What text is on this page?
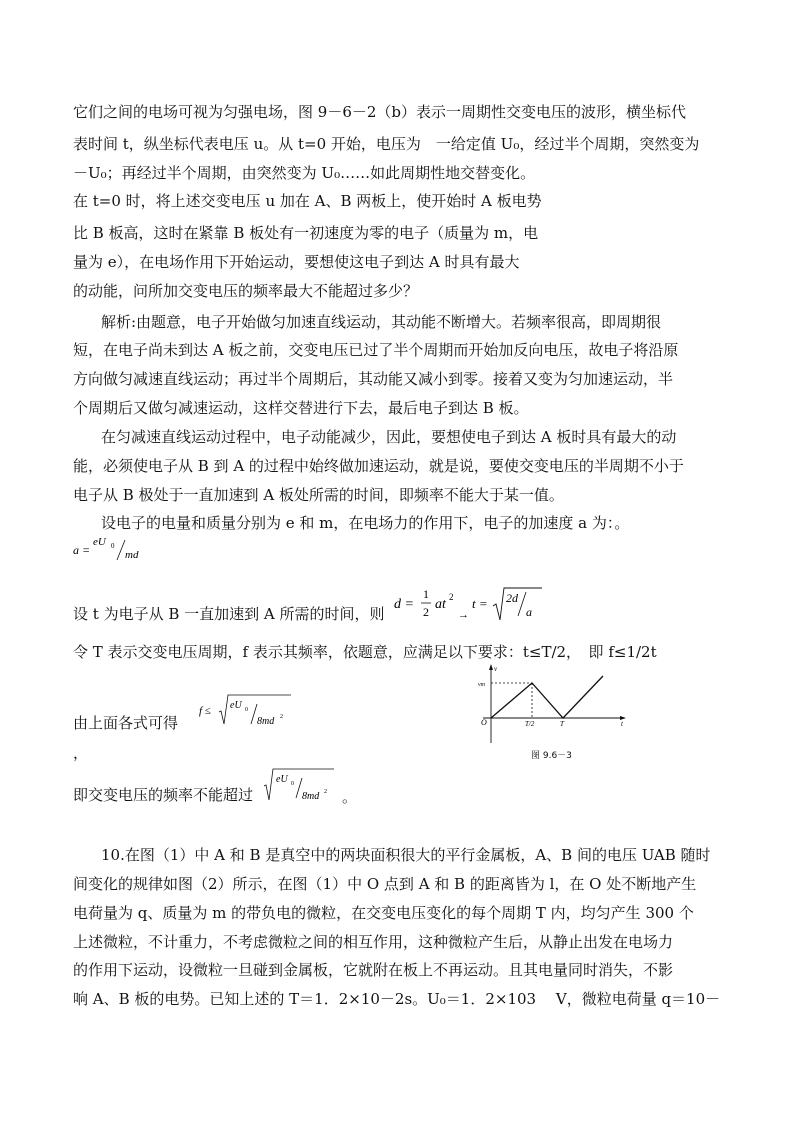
它们之间的电场可视为匀强电场，图 9－6－2（b）表示一周期性交变电压的波形，横坐标代
表时间 t，纵坐标代表电压 u。从 t=0 开始，电压为　一给定值 U₀，经过半个周期，突然变为
－U₀；再经过半个周期，由突然变为 U₀……如此周期性地交替变化。
在 t=0 时，将上述交变电压 u 加在 A、B 两板上，使开始时 A 板电势
比 B 板高，这时在紧靠 B 板处有一初速度为零的电子（质量为 m，电
量为 e），在电场作用下开始运动，要想使这电子到达 A 时具有最大
的动能，问所加交变电压的频率最大不能超过多少？
解析:由题意，电子开始做匀加速直线运动，其动能不断增大。若频率很高，即周期很
短，在电子尚未到达 A 板之前，交变电压已过了半个周期而开始加反向电压，故电子将沿原
方向做匀减速直线运动；再过半个周期后，其动能又减小到零。接着又变为匀加速运动，半
个周期后又做匀减速运动，这样交替进行下去，最后电子到达 B 板。
在匀减速直线运动过程中，电子动能减少，因此，要想使电子到达 A 板时具有最大的动
能，必须使电子从 B 到 A 的过程中始终做加速运动，就是说，要使交变电压的半周期不小于
电子从 B 极处于一直加速到 A 板处所需的时间，即频率不能大于某一值。
设电子的电量和质量分别为 e 和 m，在电场力的作用下，电子的加速度 a 为：。
a =
eU 0
md
设 t 为电子从 B 一直加速到 A 所需的时间，则
d =
1
2 at 2
→
t = 2d
a
令 T 表示交变电压周期，f 表示其频率，依题意，应满足以下要求：t≤T/2，　即 f≤1/2t
v
vm
O	T/2	T	t
图 9.6－3
由上面各式可得
f ≤ eU 0
8md 2
，
即交变电压的频率不能超过
eU 0
8md 2 。
10.在图（1）中 A 和 B 是真空中的两块面积很大的平行金属板，A、B 间的电压 UAB 随时
间变化的规律如图（2）所示，在图（1）中 O 点到 A 和 B 的距离皆为 l，在 O 处不断地产生
电荷量为 q、质量为 m 的带负电的微粒，在交变电压变化的每个周期 T 内，均匀产生 300 个
上述微粒，不计重力，不考虑微粒之间的相互作用，这种微粒产生后，从静止出发在电场力
的作用下运动，设微粒一旦碰到金属板，它就附在板上不再运动。且其电量同时消失，不影
响 A、B 板的电势。已知上述的 T＝1．2×10－2s。U₀＝1．2×103　 V，微粒电荷量 q＝10－
